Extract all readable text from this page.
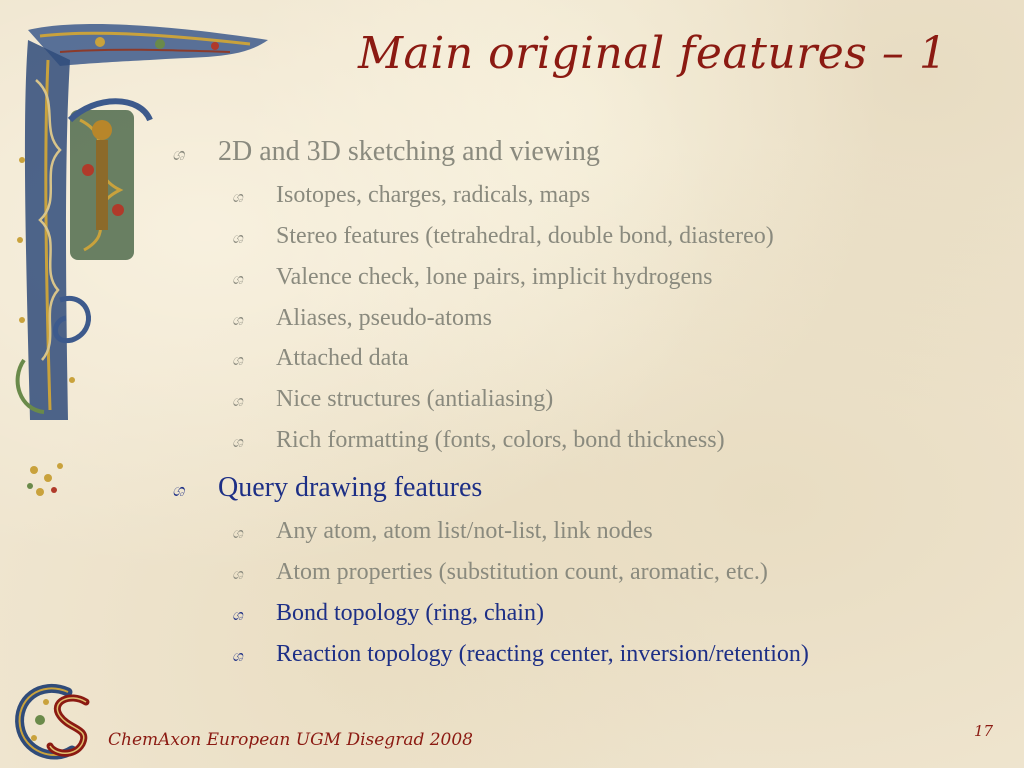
Main original features – 1
ශ	2D and 3D sketching and viewing
ශ	Isotopes, charges, radicals, maps
ශ	Stereo features (tetrahedral, double bond, diastereo)
ශ	Valence check, lone pairs, implicit hydrogens
ශ	Aliases, pseudo-atoms
ශ	Attached data
ශ	Nice structures (antialiasing)
ශ	Rich formatting (fonts, colors, bond thickness)
ශ	Query drawing features
ශ	Any atom, atom list/not-list, link nodes
ශ	Atom properties (substitution count, aromatic, etc.)
ශ	Bond topology (ring, chain)
ශ	Reaction topology (reacting center, inversion/retention)
ChemAxon European UGM Disegrad 2008	17
